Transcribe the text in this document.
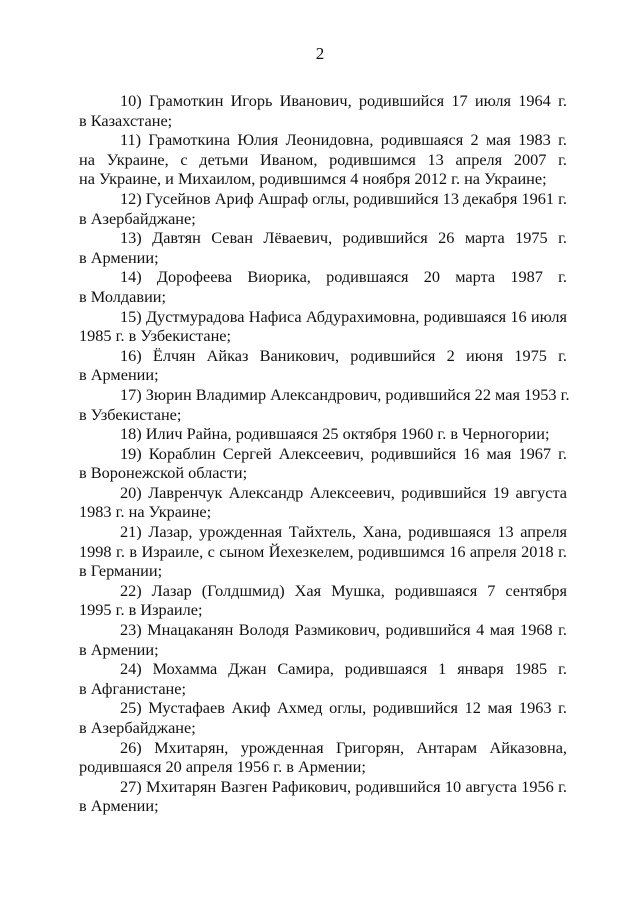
2
10) Грамоткин Игорь Иванович, родившийся 17 июля 1964 г.
в Казахстане;
11) Грамоткина Юлия Леонидовна, родившаяся 2 мая 1983 г.
на Украине, с детьми Иваном, родившимся 13 апреля 2007 г.
на Украине, и Михаилом, родившимся 4 ноября 2012 г. на Украине;
12) Гусейнов Ариф Ашраф оглы, родившийся 13 декабря 1961 г.
в Азербайджане;
13) Давтян Севан Лёваевич, родившийся 26 марта 1975 г.
в Армении;
14) Дорофеева Виорика, родившаяся 20 марта 1987 г.
в Молдавии;
15) Дустмурадова Нафиса Абдурахимовна, родившаяся 16 июля
1985 г. в Узбекистане;
16) Ёлчян Айказ Ваникович, родившийся 2 июня 1975 г.
в Армении;
17) Зюрин Владимир Александрович, родившийся 22 мая 1953 г.
в Узбекистане;
18) Илич Райна, родившаяся 25 октября 1960 г. в Черногории;
19) Кораблин Сергей Алексеевич, родившийся 16 мая 1967 г.
в Воронежской области;
20) Лавренчук Александр Алексеевич, родившийся 19 августа
1983 г. на Украине;
21) Лазар, урожденная Тайхтель, Хана, родившаяся 13 апреля
1998 г. в Израиле, с сыном Йехезкелем, родившимся 16 апреля 2018 г.
в Германии;
22) Лазар (Голдшмид) Хая Мушка, родившаяся 7 сентября
1995 г. в Израиле;
23) Мнацаканян Володя Размикович, родившийся 4 мая 1968 г.
в Армении;
24) Мохамма Джан Самира, родившаяся 1 января 1985 г.
в Афганистане;
25) Мустафаев Акиф Ахмед оглы, родившийся 12 мая 1963 г.
в Азербайджане;
26) Мхитарян, урожденная Григорян, Антарам Айказовна,
родившаяся 20 апреля 1956 г. в Армении;
27) Мхитарян Вазген Рафикович, родившийся 10 августа 1956 г.
в Армении;
